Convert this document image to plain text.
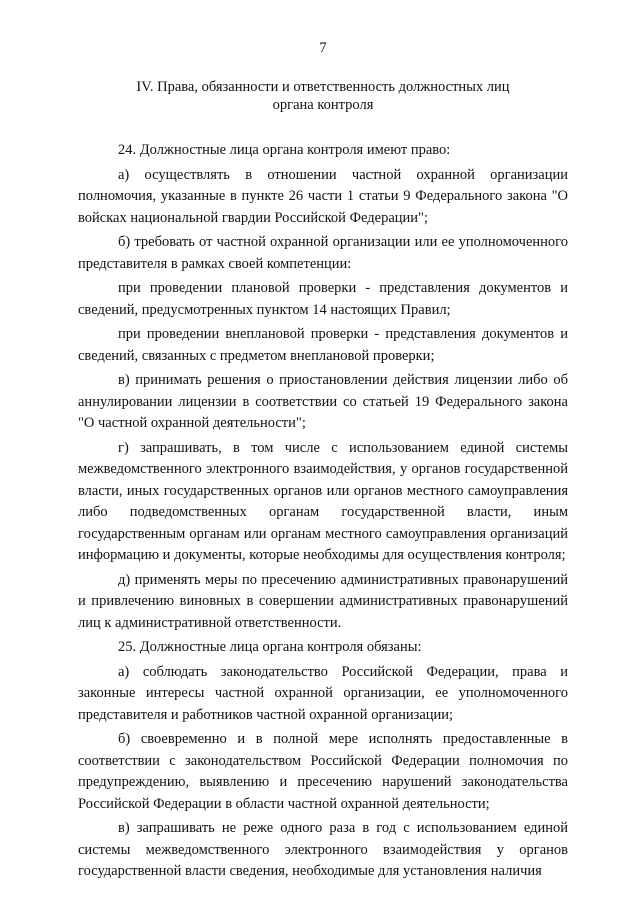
7
IV. Права, обязанности и ответственность должностных лиц
органа контроля

24. Должностные лица органа контроля имеют право:

а) осуществлять в отношении частной охранной организации полномочия, указанные в пункте 26 части 1 статьи 9 Федерального закона "О войсках национальной гвардии Российской Федерации";

б) требовать от частной охранной организации или ее уполномоченного представителя в рамках своей компетенции:

при проведении плановой проверки - представления документов и сведений, предусмотренных пунктом 14 настоящих Правил;

при проведении внеплановой проверки - представления документов и сведений, связанных с предметом внеплановой проверки;

в) принимать решения о приостановлении действия лицензии либо об аннулировании лицензии в соответствии со статьей 19 Федерального закона "О частной охранной деятельности";

г) запрашивать, в том числе с использованием единой системы межведомственного электронного взаимодействия, у органов государственной власти, иных государственных органов или органов местного самоуправления либо подведомственных органам государственной власти, иным государственным органам или органам местного самоуправления организаций информацию и документы, которые необходимы для осуществления контроля;

д) применять меры по пресечению административных правонарушений и привлечению виновных в совершении административных правонарушений лиц к административной ответственности.

25. Должностные лица органа контроля обязаны:

а) соблюдать законодательство Российской Федерации, права и законные интересы частной охранной организации, ее уполномоченного представителя и работников частной охранной организации;

б) своевременно и в полной мере исполнять предоставленные в соответствии с законодательством Российской Федерации полномочия по предупреждению, выявлению и пресечению нарушений законодательства Российской Федерации в области частной охранной деятельности;

в) запрашивать не реже одного раза в год с использованием единой системы межведомственного электронного взаимодействия у органов государственной власти сведения, необходимые для установления наличия
